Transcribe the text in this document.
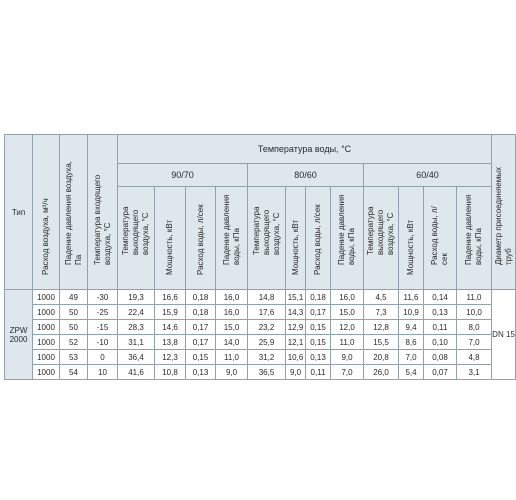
Тип	Расход воздуха, м³/ч	Падение давления воздуха,
Па	Температура входящего
воздуха, °C	Температура воды, °C												Диаметр присоединяемых
труб

				90/70				80/60				60/40				

				Температура
выходящего
воздуха, °C	Мощность, кВт	Расход воды, л/сек	Падение давления
воды, кПа	Температура
выходящего
воздуха, °C	Мощность, кВт	Расход воды, л/сек	Падение давления
воды, кПа	Температура
выходящего
воздуха, °C	Мощность, кВт	Расход воды, л/
сек	Падение давления
воды, кПа	

ZPW
2000	1000	49	-30	19,3	16,6	0,18	16,0	14,8	15,1	0,18	16,0	4,5	11,6	0,14	11,0	DN 15
	1000	50	-25	22,4	15,9	0,18	16,0	17,6	14,3	0,17	15,0	7,3	10,9	0,13	10,0	
	1000	50	-15	28,3	14,6	0,17	15,0	23,2	12,9	0,15	12,0	12,8	9,4	0,11	8,0	
	1000	52	-10	31,1	13,8	0,17	14,0	25,9	12,1	0,15	11,0	15,5	8,6	0,10	7,0	
	1000	53	0	36,4	12,3	0,15	11,0	31,2	10,6	0,13	9,0	20,8	7,0	0,08	4,8	
	1000	54	10	41,6	10,8	0,13	9,0	36,5	9,0	0,11	7,0	26,0	5,4	0,07	3,1	
